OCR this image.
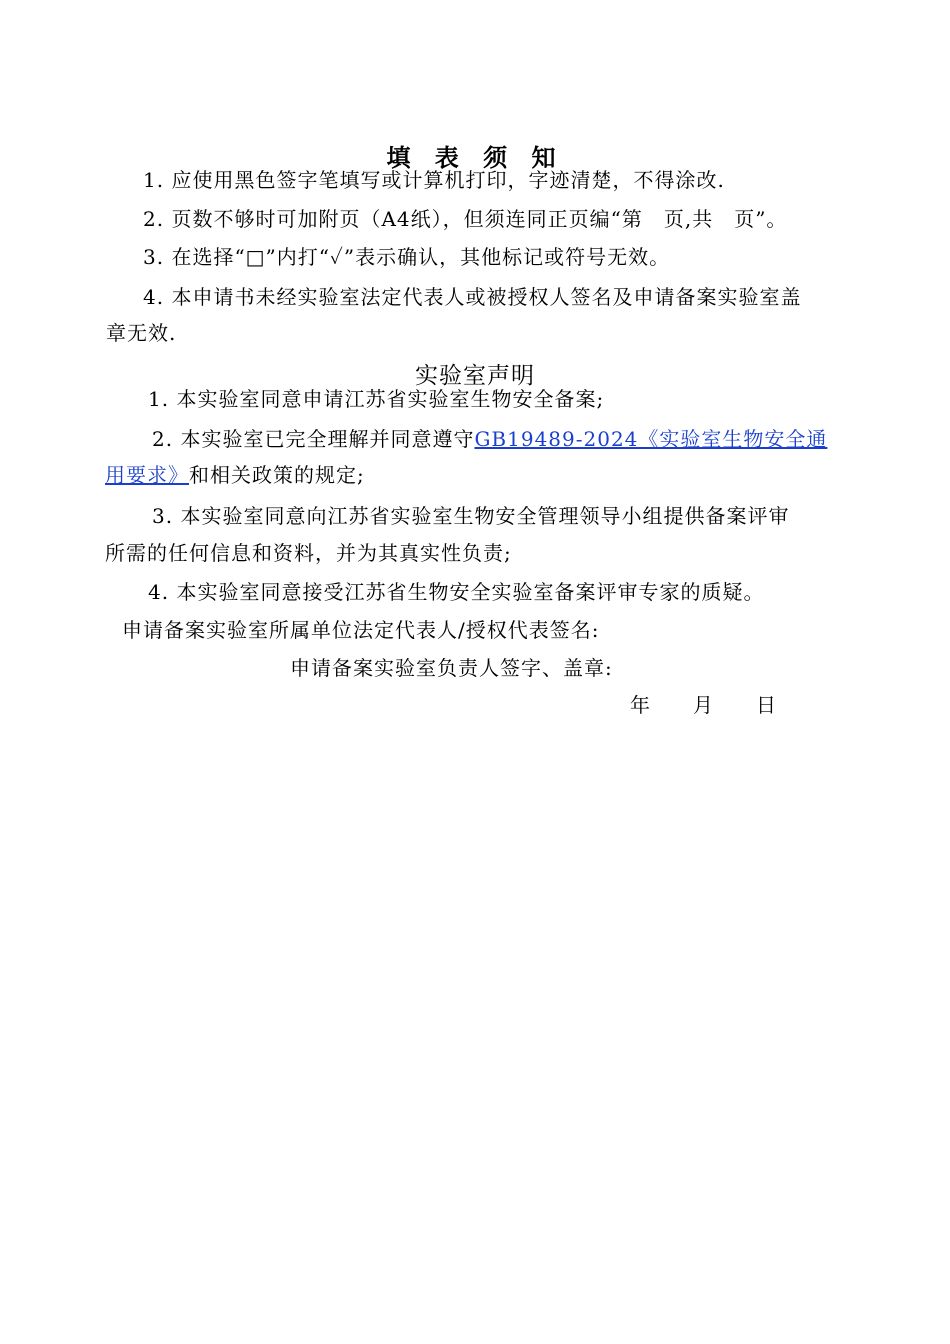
填 表 须 知
1. 应使用黑色签字笔填写或计算机打印，字迹清楚，不得涂改.
2. 页数不够时可加附页（A4纸），但须连同正页编“第　页,共　页”。
3. 在选择“□”内打“✓”表示确认，其他标记或符号无效。
4. 本申请书未经实验室法定代表人或被授权人签名及申请备案实验室盖
章无效.
实验室声明
1. 本实验室同意申请江苏省实验室生物安全备案;
2. 本实验室已完全理解并同意遵守GB19489-2024《实验室生物安全通
用要求》和相关政策的规定;
3. 本实验室同意向江苏省实验室生物安全管理领导小组提供备案评审
所需的任何信息和资料，并为其真实性负责;
4. 本实验室同意接受江苏省生物安全实验室备案评审专家的质疑。
申请备案实验室所属单位法定代表人/授权代表签名:
申请备案实验室负责人签字、盖章:
年　　月　　日
